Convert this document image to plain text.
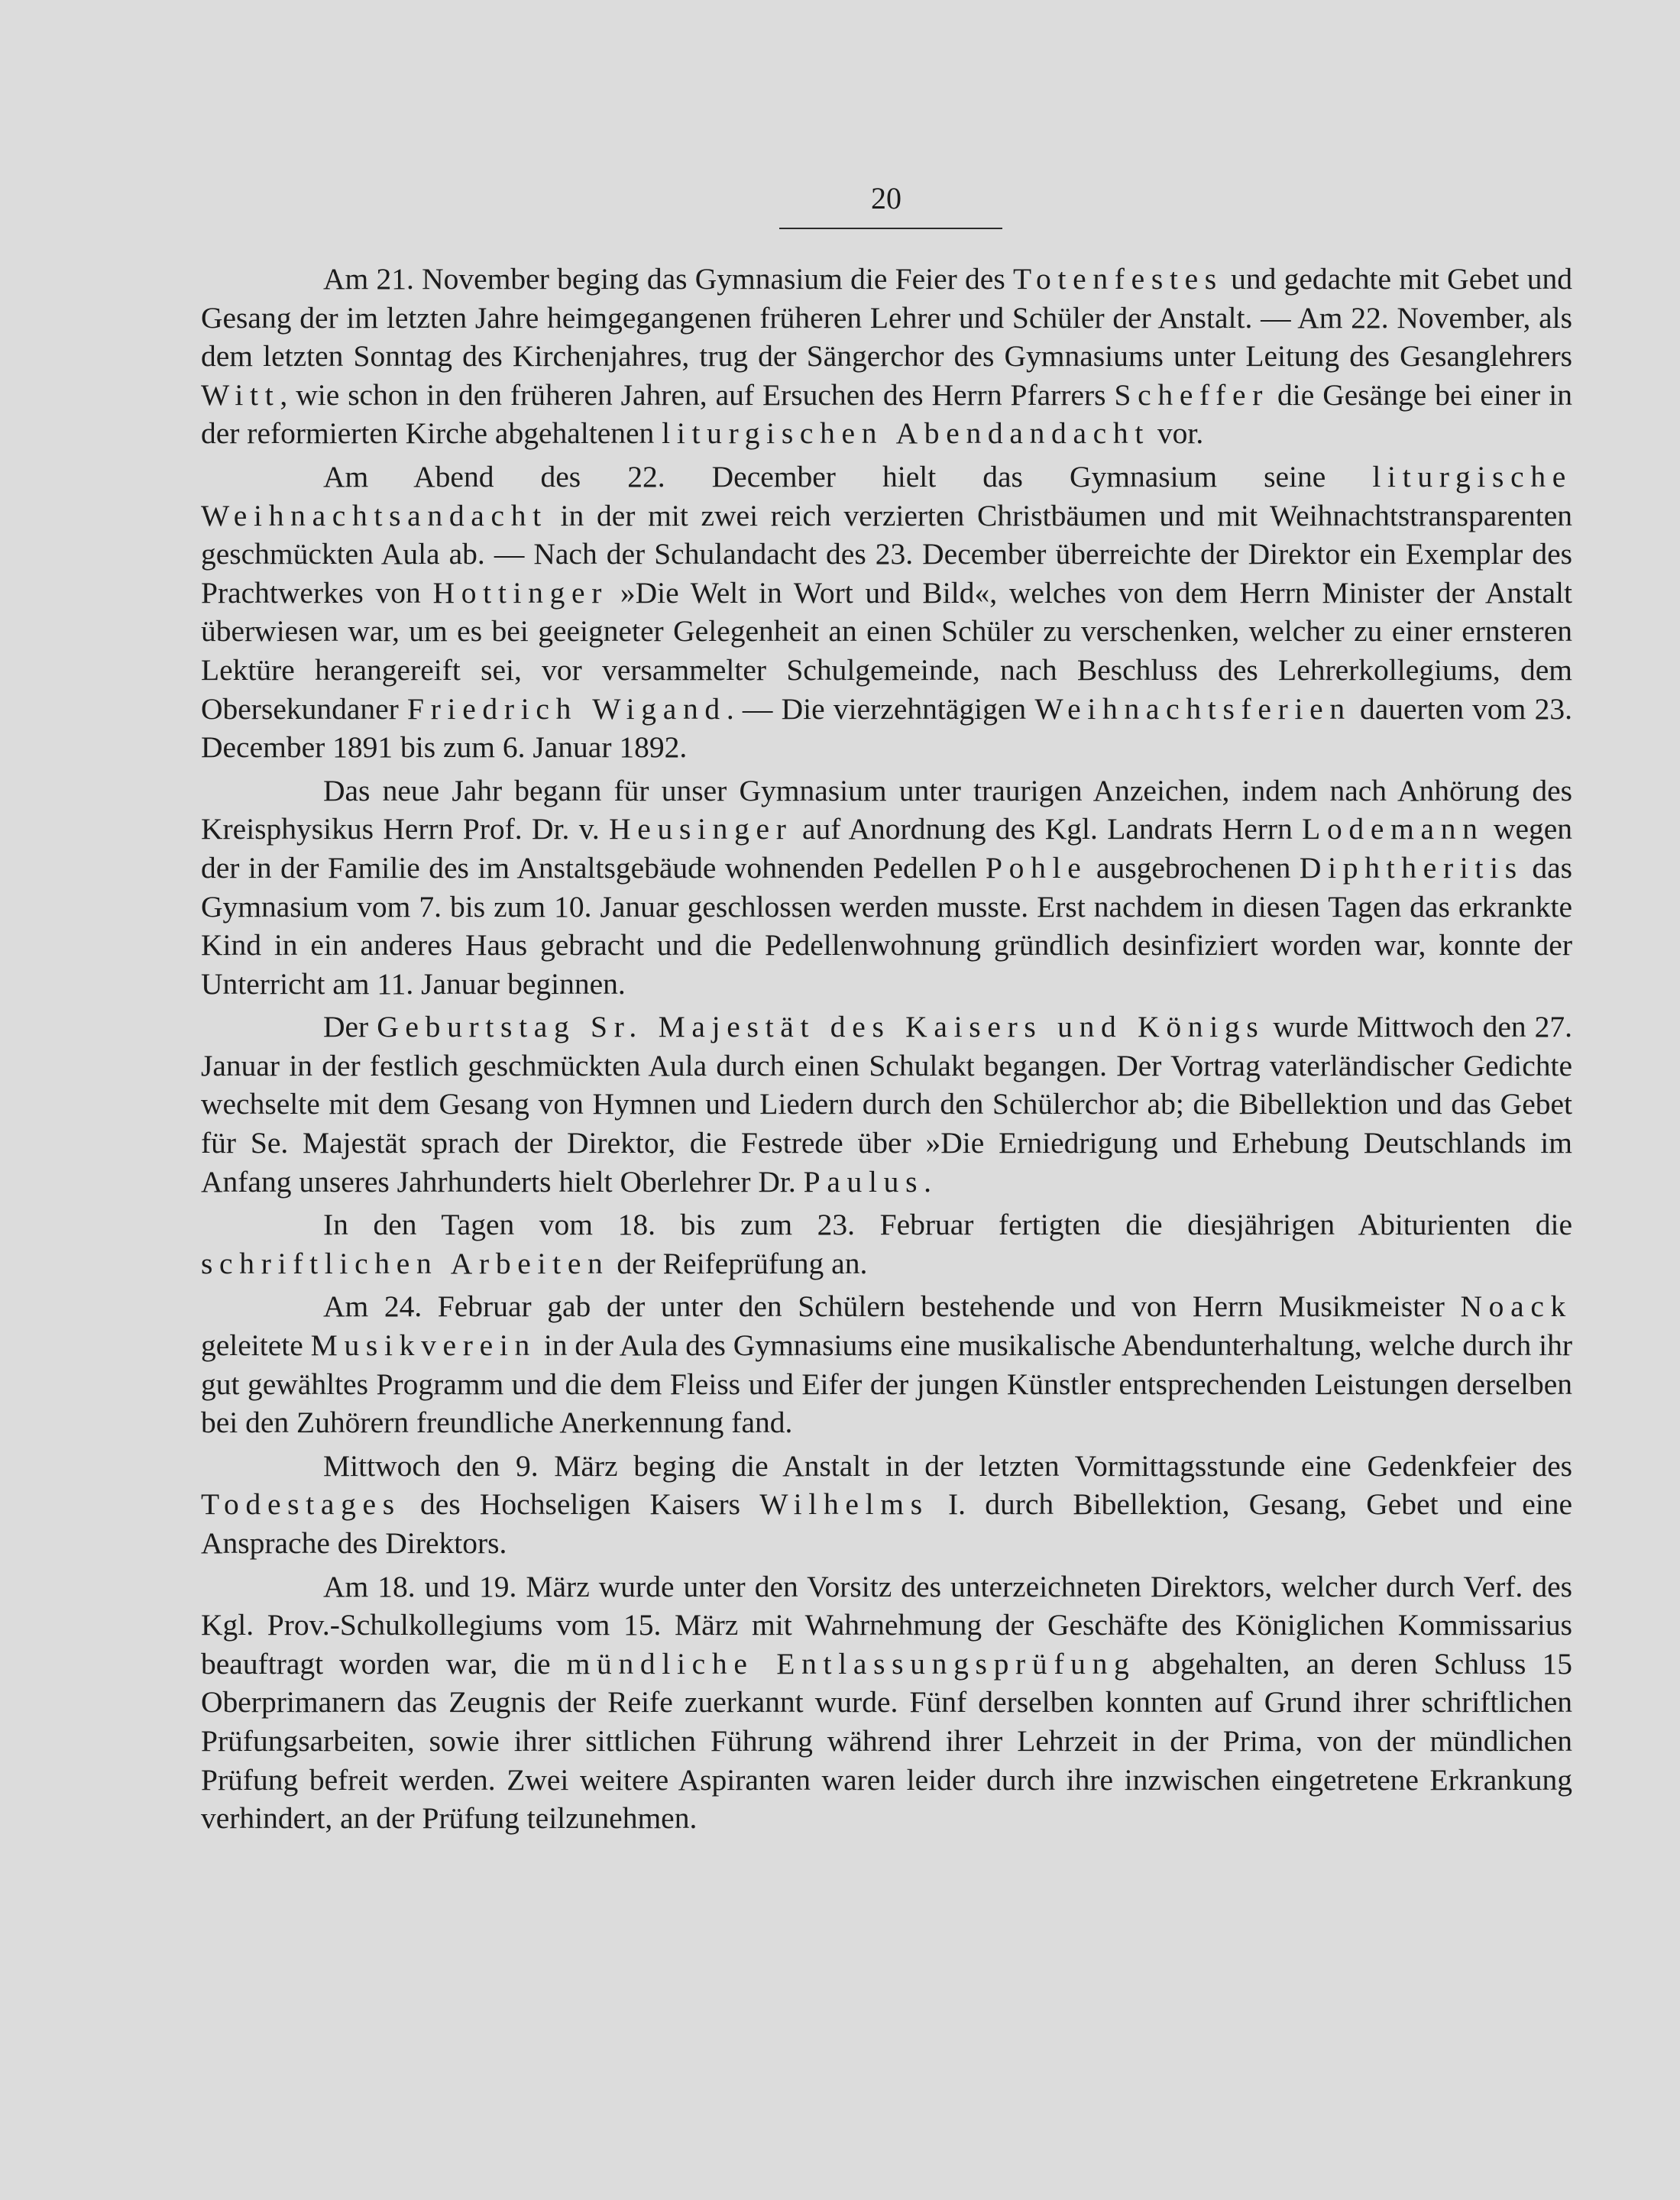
20

Am 21. November beging das Gymnasium die Feier des Totenfestes und gedachte mit Gebet und Gesang der im letzten Jahre heimgegangenen früheren Lehrer und Schüler der Anstalt. — Am 22. November, als dem letzten Sonntag des Kirchenjahres, trug der Sängerchor des Gymnasiums unter Leitung des Gesanglehrers Witt, wie schon in den früheren Jahren, auf Ersuchen des Herrn Pfarrers Scheffer die Gesänge bei einer in der reformierten Kirche abgehaltenen liturgischen Abendandacht vor.

Am Abend des 22. December hielt das Gymnasium seine liturgische Weihnachtsandacht in der mit zwei reich verzierten Christbäumen und mit Weihnachtstransparenten geschmückten Aula ab. — Nach der Schulandacht des 23. December überreichte der Direktor ein Exemplar des Prachtwerkes von Hottinger »Die Welt in Wort und Bild«, welches von dem Herrn Minister der Anstalt überwiesen war, um es bei geeigneter Gelegenheit an einen Schüler zu verschenken, welcher zu einer ernsteren Lektüre herangereift sei, vor versammelter Schulgemeinde, nach Beschluss des Lehrerkollegiums, dem Obersekundaner Friedrich Wigand. — Die vierzehntägigen Weihnachtsferien dauerten vom 23. December 1891 bis zum 6. Januar 1892.

Das neue Jahr begann für unser Gymnasium unter traurigen Anzeichen, indem nach Anhörung des Kreisphysikus Herrn Prof. Dr. v. Heusinger auf Anordnung des Kgl. Landrats Herrn Lodemann wegen der in der Familie des im Anstaltsgebäude wohnenden Pedellen Pohle ausgebrochenen Diphtheritis das Gymnasium vom 7. bis zum 10. Januar geschlossen werden musste. Erst nachdem in diesen Tagen das erkrankte Kind in ein anderes Haus gebracht und die Pedellenwohnung gründlich desinfiziert worden war, konnte der Unterricht am 11. Januar beginnen.

Der Geburtstag Sr. Majestät des Kaisers und Königs wurde Mittwoch den 27. Januar in der festlich geschmückten Aula durch einen Schulakt begangen. Der Vortrag vaterländischer Gedichte wechselte mit dem Gesang von Hymnen und Liedern durch den Schülerchor ab; die Bibellektion und das Gebet für Se. Majestät sprach der Direktor, die Festrede über »Die Erniedrigung und Erhebung Deutschlands im Anfang unseres Jahrhunderts hielt Oberlehrer Dr. Paulus.

In den Tagen vom 18. bis zum 23. Februar fertigten die diesjährigen Abiturienten die schriftlichen Arbeiten der Reifeprüfung an.

Am 24. Februar gab der unter den Schülern bestehende und von Herrn Musikmeister Noack geleitete Musikverein in der Aula des Gymnasiums eine musikalische Abendunterhaltung, welche durch ihr gut gewähltes Programm und die dem Fleiss und Eifer der jungen Künstler entsprechenden Leistungen derselben bei den Zuhörern freundliche Anerkennung fand.

Mittwoch den 9. März beging die Anstalt in der letzten Vormittagsstunde eine Gedenkfeier des Todestages des Hochseligen Kaisers Wilhelms I. durch Bibellektion, Gesang, Gebet und eine Ansprache des Direktors.

Am 18. und 19. März wurde unter den Vorsitz des unterzeichneten Direktors, welcher durch Verf. des Kgl. Prov.-Schulkollegiums vom 15. März mit Wahrnehmung der Geschäfte des Königlichen Kommissarius beauftragt worden war, die mündliche Entlassungsprüfung abgehalten, an deren Schluss 15 Oberprimanern das Zeugnis der Reife zuerkannt wurde. Fünf derselben konnten auf Grund ihrer schriftlichen Prüfungsarbeiten, sowie ihrer sittlichen Führung während ihrer Lehrzeit in der Prima, von der mündlichen Prüfung befreit werden. Zwei weitere Aspiranten waren leider durch ihre inzwischen eingetretene Erkrankung verhindert, an der Prüfung teilzunehmen.
